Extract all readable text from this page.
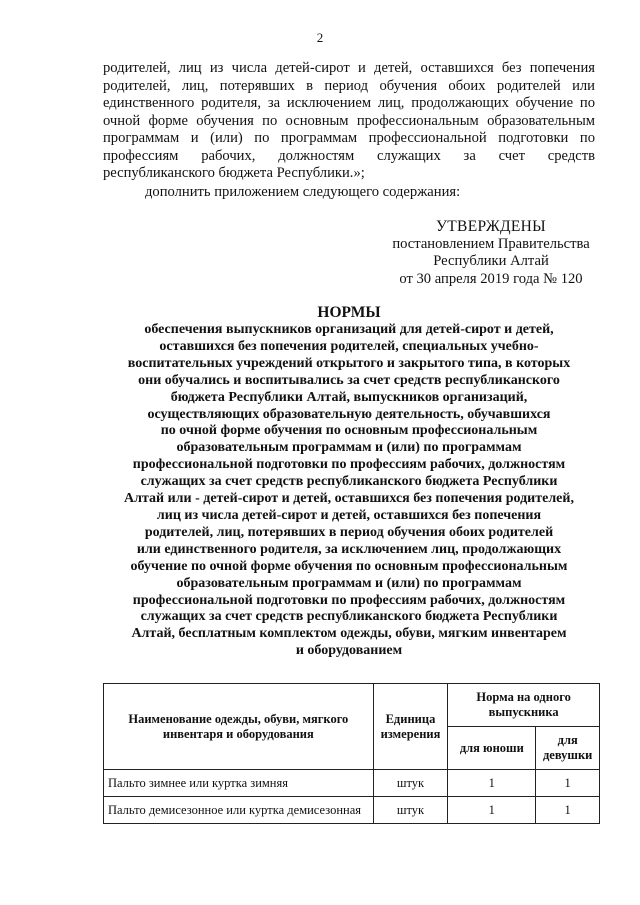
2
родителей, лиц из числа детей-сирот и детей, оставшихся без попечения родителей, лиц, потерявших в период обучения обоих родителей или единственного родителя, за исключением лиц, продолжающих обучение по очной форме обучения по основным профессиональным образовательным программам и (или) по программам профессиональной подготовки по профессиям рабочих, должностям служащих за счет средств республиканского бюджета Республики.»;
дополнить приложением следующего содержания:
УТВЕРЖДЕНЫ
постановлением Правительства
Республики Алтай
от 30 апреля 2019 года № 120
НОРМЫ
обеспечения выпускников организаций для детей-сирот и детей,
оставшихся без попечения родителей, специальных учебно-
воспитательных учреждений открытого и закрытого типа, в которых
они обучались и воспитывались за счет средств республиканского
бюджета Республики Алтай, выпускников организаций,
осуществляющих образовательную деятельность, обучавшихся
по очной форме обучения по основным профессиональным
образовательным программам и (или) по программам
профессиональной подготовки по профессиям рабочих, должностям
служащих за счет средств республиканского бюджета Республики
Алтай или - детей-сирот и детей, оставшихся без попечения родителей,
лиц из числа детей-сирот и детей, оставшихся без попечения
родителей, лиц, потерявших в период обучения обоих родителей
или единственного родителя, за исключением лиц, продолжающих
обучение по очной форме обучения по основным профессиональным
образовательным программам и (или) по программам
профессиональной подготовки по профессиям рабочих, должностям
служащих за счет средств республиканского бюджета Республики
Алтай, бесплатным комплектом одежды, обуви, мягким инвентарем
и оборудованием
Наименование одежды, обуви, мягкого инвентаря и оборудования	Единица измерения	Норма на одного выпускника	
		для юноши	для девушки
Пальто зимнее или куртка зимняя	штук	1	1
Пальто демисезонное или куртка демисезонная	штук	1	1
